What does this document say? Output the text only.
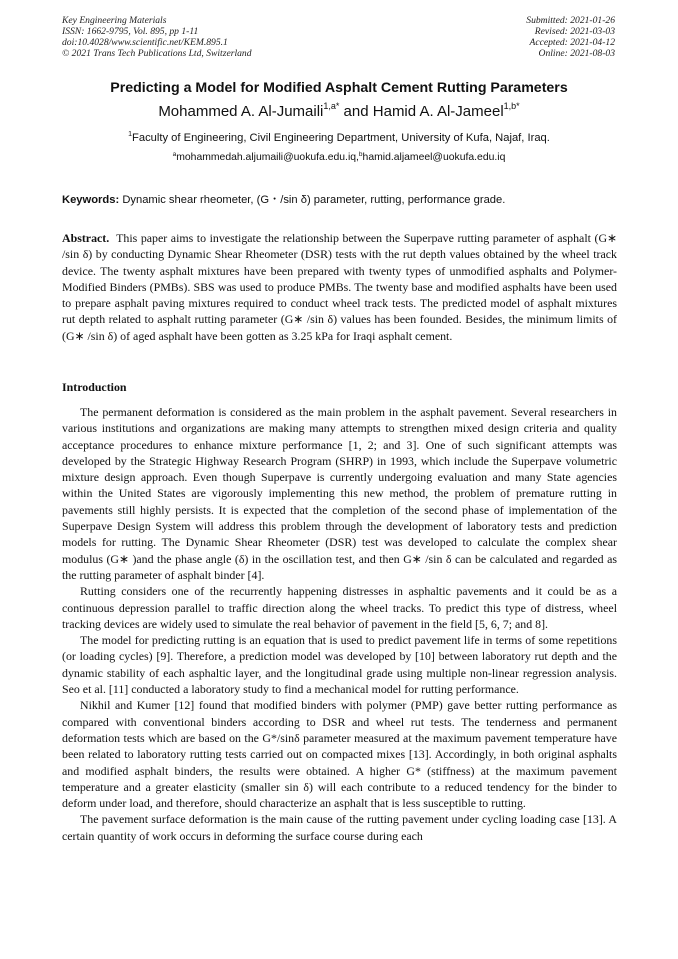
Key Engineering Materials
ISSN: 1662-9795, Vol. 895, pp 1-11
doi:10.4028/www.scientific.net/KEM.895.1
© 2021 Trans Tech Publications Ltd, Switzerland
Submitted: 2021-01-26
Revised: 2021-03-03
Accepted: 2021-04-12
Online: 2021-08-03
Predicting a Model for Modified Asphalt Cement Rutting Parameters
Mohammed A. Al-Jumaili$^{1,a*}$ and Hamid A. Al-Jameel$^{1,b*}$
$^1$Faculty of Engineering, Civil Engineering Department, University of Kufa, Najaf, Iraq.
$^a$mohammedah.aljumaili@uokufa.edu.iq,$^b$hamid.aljameel@uokufa.edu.iq
Keywords: Dynamic shear rheometer, (G・/sin δ) parameter, rutting, performance grade.
Abstract. This paper aims to investigate the relationship between the Superpave rutting parameter of asphalt (G∗ /sin δ) by conducting Dynamic Shear Rheometer (DSR) tests with the rut depth values obtained by the wheel track device. The twenty asphalt mixtures have been prepared with twenty types of unmodified asphalts and Polymer-Modified Binders (PMBs). SBS was used to produce PMBs. The twenty base and modified asphalts have been used to prepare asphalt paving mixtures required to conduct wheel track tests. The predicted model of asphalt mixtures rut depth related to asphalt rutting parameter (G∗ /sin δ) values has been founded. Besides, the minimum limits of (G∗ /sin δ) of aged asphalt have been gotten as 3.25 kPa for Iraqi asphalt cement.
Introduction

The permanent deformation is considered as the main problem in the asphalt pavement. Several researchers in various institutions and organizations are making many attempts to strengthen mixed design criteria and quality acceptance procedures to enhance mixture performance [1, 2; and 3]. One of such significant attempts was developed by the Strategic Highway Research Program (SHRP) in 1993, which include the Superpave volumetric mixture design approach. Even though Superpave is currently undergoing evaluation and many State agencies within the United States are vigorously implementing this new method, the problem of premature rutting in pavements still highly persists. It is expected that the completion of the second phase of implementation of the Superpave Design System will address this problem through the development of laboratory tests and prediction models for rutting. The Dynamic Shear Rheometer (DSR) test was developed to calculate the complex shear modulus (G∗ )and the phase angle (δ) in the oscillation test, and then G∗ /sin δ can be calculated and regarded as the rutting parameter of asphalt binder [4].

Rutting considers one of the recurrently happening distresses in asphaltic pavements and it could be as a continuous depression parallel to traffic direction along the wheel tracks. To predict this type of distress, wheel tracking devices are widely used to simulate the real behavior of pavement in the field [5, 6, 7; and 8].

The model for predicting rutting is an equation that is used to predict pavement life in terms of some repetitions (or loading cycles) [9]. Therefore, a prediction model was developed by [10] between laboratory rut depth and the dynamic stability of each asphaltic layer, and the longitudinal grade using multiple non-linear regression analysis. Seo et al. [11] conducted a laboratory study to find a mechanical model for rutting performance.

Nikhil and Kumer [12] found that modified binders with polymer (PMP) gave better rutting performance as compared with conventional binders according to DSR and wheel rut tests. The tenderness and permanent deformation tests which are based on the G*/sinδ parameter measured at the maximum pavement temperature have been related to laboratory rutting tests carried out on compacted mixes [13]. Accordingly, in both original asphalts and modified asphalt binders, the results were obtained. A higher G* (stiffness) at the maximum pavement temperature and a greater elasticity (smaller sin δ) will each contribute to a reduced tendency for the binder to deform under load, and therefore, should characterize an asphalt that is less susceptible to rutting.

The pavement surface deformation is the main cause of the rutting pavement under cycling loading case [13]. A certain quantity of work occurs in deforming the surface course during each
